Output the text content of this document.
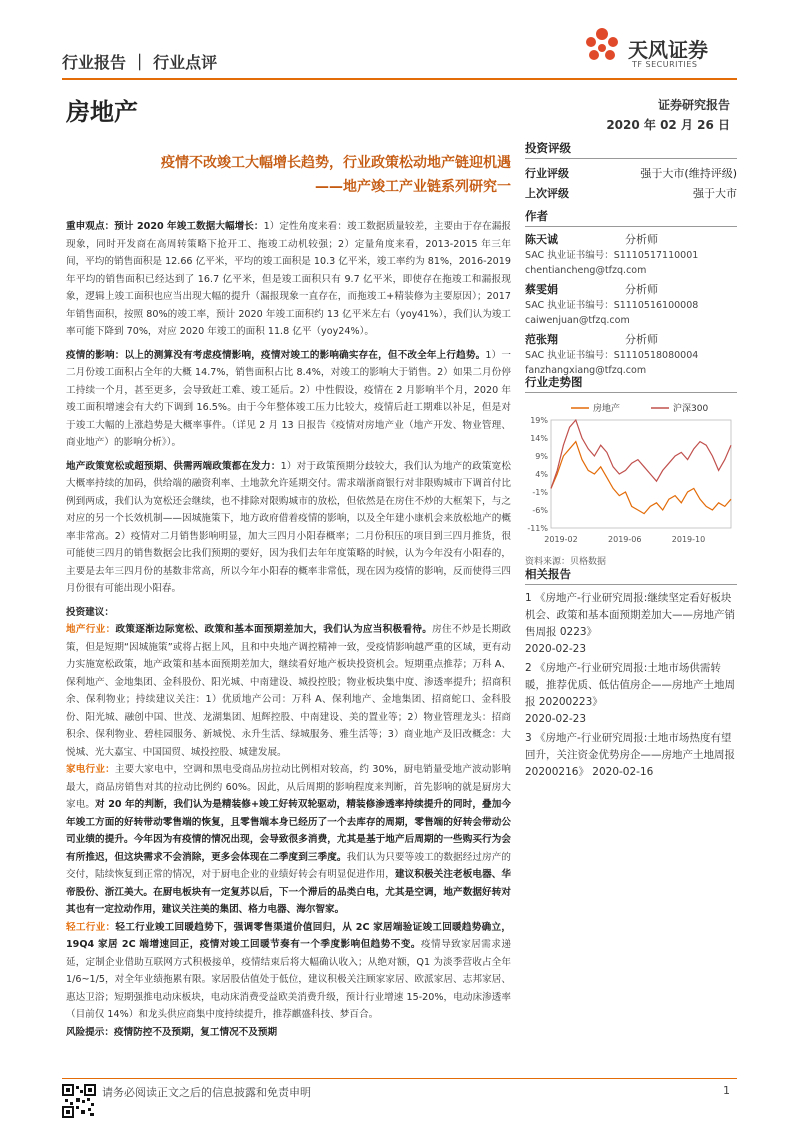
行业报告 ｜ 行业点评
天风证券
TF SECURITIES
房地产	证券研究报告
2020 年 02 月 26 日
疫情不改竣工大幅增长趋势，行业政策松动地产链迎机遇
——地产竣工产业链系列研究一
投资评级
行业评级	强于大市(维持评级)
上次评级	强于大市
作者
陈天诚	分析师
SAC 执业证书编号：S1110517110001
chentiancheng@tfzq.com
蔡雯娟	分析师
SAC 执业证书编号：S1110516100008
caiwenjuan@tfzq.com
范张翔	分析师
SAC 执业证书编号：S1110518080004
fanzhangxiang@tfzq.com
行业走势图
19%
14%
9%
4%
-1%
-6%
-11%
2019-02	2019-06	2019-10
房地产	沪深300
资料来源：贝格数据
相关报告
1 《房地产-行业研究周报:继续坚定看好板块机会、政策和基本面预期差加大——房地产销售周报 0223》
2020-02-23
2 《房地产-行业研究周报:土地市场供需转暖，推荐优质、低估值房企——房地产土地周报 20200223》
2020-02-23
3 《房地产-行业研究周报:土地市场热度有望回升，关注资金优势房企——房地产土地周报 20200216》 2020-02-16

重申观点：预计 2020 年竣工数据大幅增长：1）定性角度来看：竣工数据质量较差，主要由于存在漏报现象，同时开发商在高周转策略下抢开工、拖竣工动机较强；2）定量角度来看，2013-2015 年三年间，平均的销售面积是 12.66 亿平米，平均的竣工面积是 10.3 亿平米，竣工率约为 81%，2016-2019 年平均的销售面积已经达到了 16.7 亿平米，但是竣工面积只有 9.7 亿平米，即使存在拖竣工和漏报现象，逻辑上竣工面积也应当出现大幅的提升（漏报现象一直存在，而拖竣工+精装修为主要原因）；2017 年销售面积，按照 80%的竣工率，预计 2020 年竣工面积约 13 亿平米左右（yoy41%），我们认为竣工率可能下降到 70%，对应 2020 年竣工的面积 11.8 亿平（yoy24%）。

疫情的影响：以上的测算没有考虑疫情影响，疫情对竣工的影响确实存在，但不改全年上行趋势。1）一二月份竣工面积占全年的大概 14.7%，销售面积占比 8.4%，对竣工的影响大于销售。2）如果二月份停工持续一个月，甚至更多，会导致赶工难、竣工延后。2）中性假设，疫情在 2 月影响半个月，2020 年竣工面积增速会有大约下调到 16.5%。由于今年整体竣工压力比较大，疫情后赶工期难以补足，但是对于竣工大幅的上涨趋势是大概率事件。（详见 2 月 13 日报告《疫情对房地产业（地产开发、物业管理、商业地产）的影响分析》）。

地产政策宽松或超预期、供需两端政策都在发力：1）对于政策预期分歧较大，我们认为地产的政策宽松大概率持续的加码，供给端的融资利率、土地款允许延期交付。需求端浙商银行对非限购城市下调首付比例到两成，我们认为宽松还会继续，也不排除对限购城市的放松，但依然是在房住不炒的大框架下，与之对应的另一个长效机制——因城施策下，地方政府借着疫情的影响，以及全年建小康机会来放松地产的概率非常高。2）疫情对二月销售影响明显，加大三四月小阳春概率；二月份积压的项目到三四月推货，很可能使三四月的销售数据会比我们预期的要好，因为我们去年年度策略的时候，认为今年没有小阳春的，主要是去年三四月份的基数非常高，所以今年小阳春的概率非常低，现在因为疫情的影响，反而使得三四月份很有可能出现小阳春。

投资建议：

地产行业：政策逐渐边际宽松、政策和基本面预期差加大，我们认为应当积极看待。房住不炒是长期政策，但是短期“因城施策”或将占据上风，且和中央地产调控精神一致，受疫情影响越严重的区域，更有动力实施宽松政策，地产政策和基本面预期差加大，继续看好地产板块投资机会。短期重点推荐；万科 A、保利地产、金地集团、金科股份、阳光城、中南建设、城投控股；物业板块集中度、渗透率提升；招商积余、保利物业；持续建议关注：1）优质地产公司：万科 A、保利地产、金地集团、招商蛇口、金科股份、阳光城、融创中国、世茂、龙湖集团、旭辉控股、中南建设、美的置业等；2）物业管理龙头：招商积余、保利物业、碧桂园服务、新城悦、永升生活、绿城服务、雅生活等；3）商业地产及旧改概念：大悦城、光大嘉宝、中国国贸、城投控股、城建发展。

家电行业：主要大家电中，空调和黑电受商品房拉动比例相对较高，约 30%，厨电销量受地产波动影响最大，商品房销售对其的拉动比例约 60%。因此，从后周期的影响程度来判断，首先影响的就是厨房大家电。对 20 年的判断，我们认为是精装修+竣工好转双轮驱动，精装修渗透率持续提升的同时，叠加今年竣工方面的好转带动零售端的恢复，且零售端本身已经历了一个去库存的周期，零售端的好转会带动公司业绩的提升。今年因为有疫情的情况出现，会导致很多消费，尤其是基于地产后周期的一些购买行为会有所推迟，但这块需求不会消除，更多会体现在二季度到三季度。我们认为只要等竣工的数据经过房产的交付，陆续恢复到正常的情况，对于厨电企业的业绩好转会有明显促进作用，建议积极关注老板电器、华帝股份、浙江美大。在厨电板块有一定复苏以后，下一个滞后的品类白电，尤其是空调，地产数据好转对其也有一定拉动作用，建议关注美的集团、格力电器、海尔智家。

轻工行业：轻工行业竣工回暖趋势下，强调零售渠道价值回归，从 2C 家居端验证竣工回暖趋势确立，19Q4 家居 2C 端增速回正，疫情对竣工回暖节奏有一个季度影响但趋势不变。疫情导致家居需求递延，定制企业借助互联网方式积极接单，疫情结束后将大幅确认收入；从绝对额，Q1 为淡季营收占全年 1/6~1/5，对全年业绩拖累有限。家居股估值处于低位，建议积极关注顾家家居、欧派家居、志邦家居、惠达卫浴；短期强推电动床板块，电动床消费受益欧美消费升级，预计行业增速 15-20%，电动床渗透率（目前仅 14%）和龙头供应商集中度持续提升，推荐麒盛科技、梦百合。

风险提示：疫情防控不及预期，复工情况不及预期

请务必阅读正文之后的信息披露和免责申明	1
